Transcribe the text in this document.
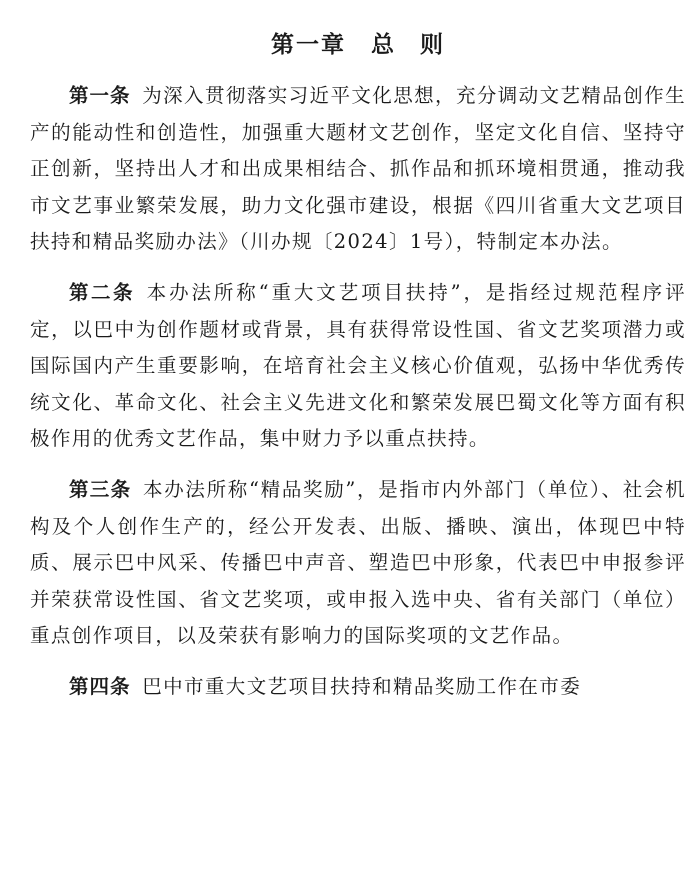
第一章　总 则

第一条 为深入贯彻落实习近平文化思想，充分调动文艺精品创作生产的能动性和创造性，加强重大题材文艺创作，坚定文化自信、坚持守正创新，坚持出人才和出成果相结合、抓作品和抓环境相贯通，推动我市文艺事业繁荣发展，助力文化强市建设，根据《四川省重大文艺项目扶持和精品奖励办法》（川办规〔2024〕1号），特制定本办法。

第二条 本办法所称“重大文艺项目扶持”，是指经过规范程序评定，以巴中为创作题材或背景，具有获得常设性国、省文艺奖项潜力或国际国内产生重要影响，在培育社会主义核心价值观，弘扬中华优秀传统文化、革命文化、社会主义先进文化和繁荣发展巴蜀文化等方面有积极作用的优秀文艺作品，集中财力予以重点扶持。

第三条 本办法所称“精品奖励”，是指市内外部门（单位）、社会机构及个人创作生产的，经公开发表、出版、播映、演出，体现巴中特质、展示巴中风采、传播巴中声音、塑造巴中形象，代表巴中申报参评并荣获常设性国、省文艺奖项，或申报入选中央、省有关部门（单位）重点创作项目，以及荣获有影响力的国际奖项的文艺作品。

第四条 巴中市重大文艺项目扶持和精品奖励工作在市委
